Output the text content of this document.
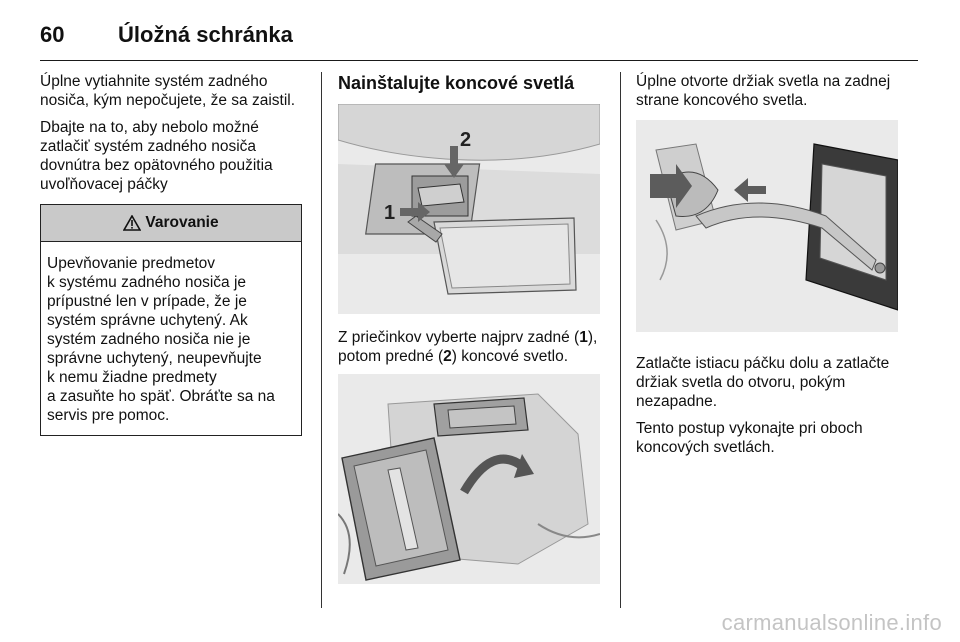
60 Úložná schránka

Úplne vytiahnite systém zadného nosiča, kým nepočujete, že sa zaistil.

Dbajte na to, aby nebolo možné zatlačiť systém zadného nosiča dovnútra bez opätovného použitia uvoľňovacej páčky

Varovanie

Upevňovanie predmetov

k systému zadného nosiča je

prípustné len v prípade, že je

systém správne uchytený. Ak

systém zadného nosiča nie je

správne uchytený, neupevňujte

k nemu žiadne predmety

a zasuňte ho späť. Obráťte sa na

servis pre pomoc.

Nainštalujte koncové svetlá
1
2

Z priečinkov vyberte najprv zadné (1), potom predné (2) koncové svetlo.

Úplne otvorte držiak svetla na zadnej strane koncového svetla.

Zatlačte istiacu páčku dolu a zatlačte držiak svetla do otvoru, pokým nezapadne.

Tento postup vykonajte pri oboch koncových svetlách.

carmanualsonline.info
